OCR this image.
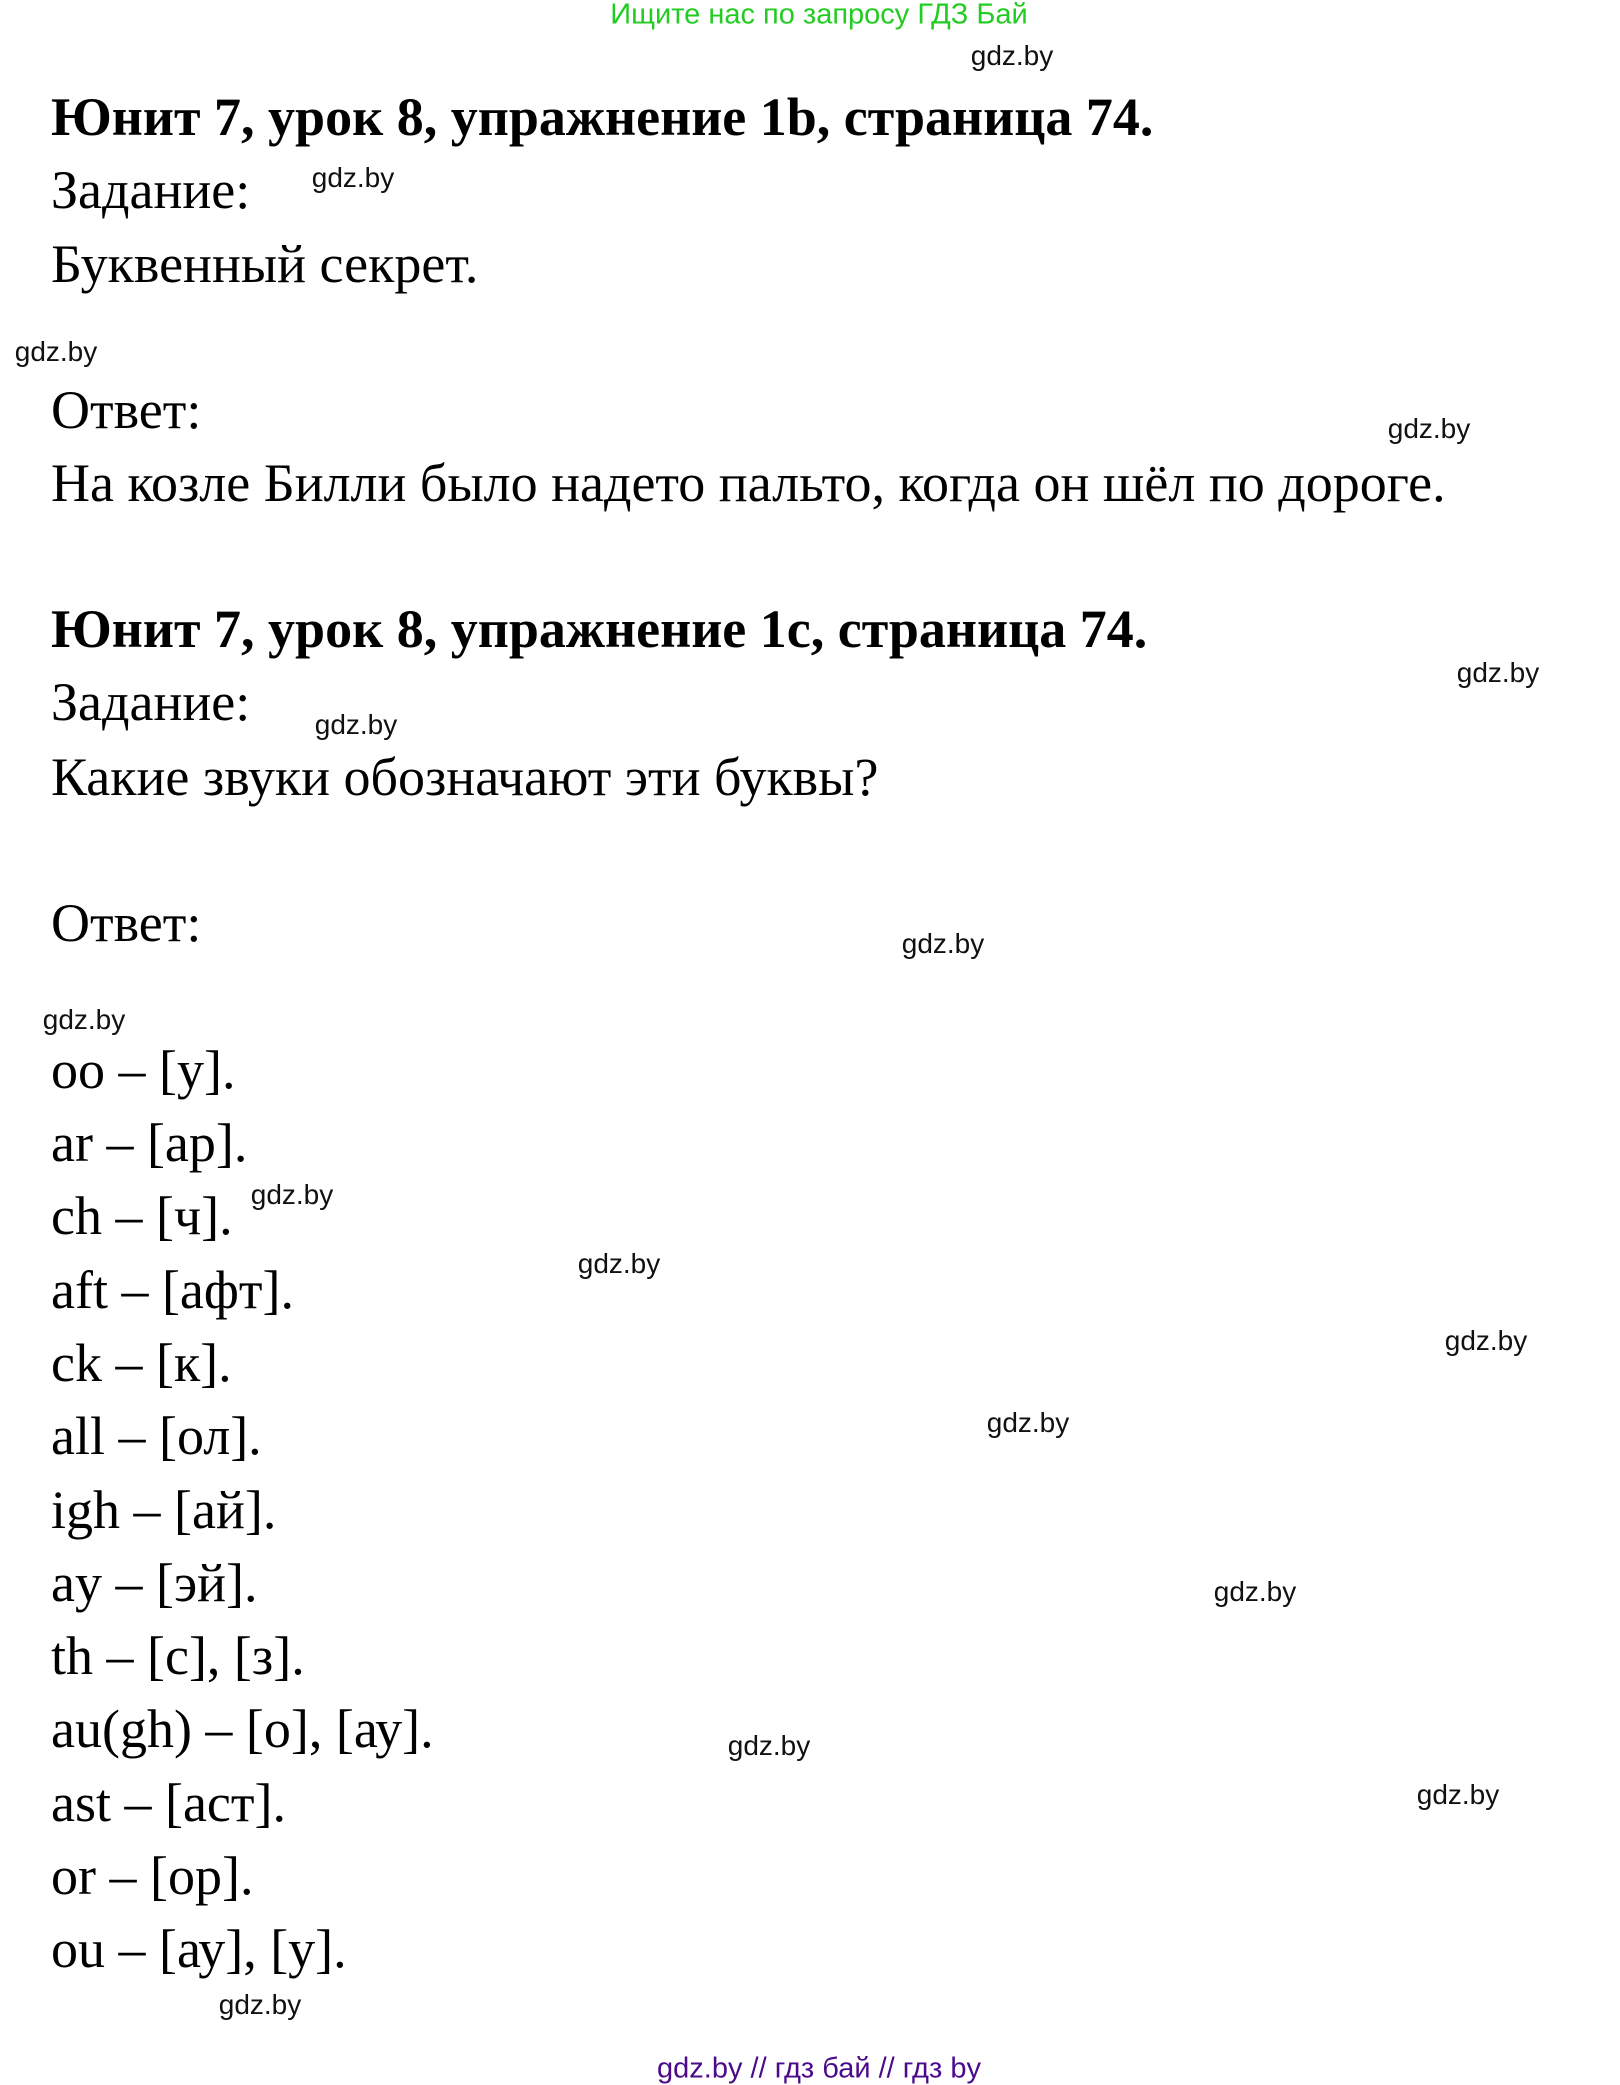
Ищите нас по запросу ГДЗ Бай
Юнит 7, урок 8, упражнение 1b, страница 74.
Задание:
Буквенный секрет.
Ответ:
На козле Билли было надето пальто, когда он шёл по дороге.
Юнит 7, урок 8, упражнение 1c, страница 74.
Задание:
Какие звуки обозначают эти буквы?
Ответ:
oo – [у].
ar – [ар].
ch – [ч].
aft – [афт].
ck – [к].
all – [ол].
igh – [ай].
ay – [эй].
th – [с], [з].
au(gh) – [о], [ау].
ast – [аст].
or – [ор].
ou – [ау], [у].
gdz.by
gdz.by
gdz.by
gdz.by
gdz.by
gdz.by
gdz.by
gdz.by
gdz.by
gdz.by
gdz.by
gdz.by
gdz.by
gdz.by
gdz.by
gdz.by
gdz.by // гдз бай // гдз by
